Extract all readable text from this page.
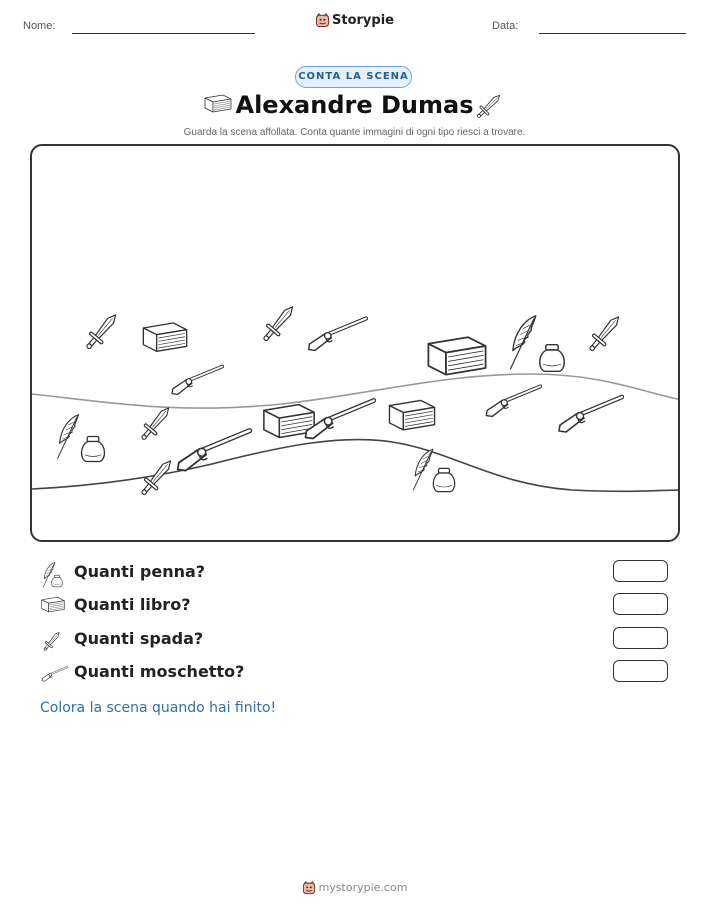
Nome:	Storypie	Data:
CONTA LA SCENA
Alexandre Dumas
Guarda la scena affollata. Conta quante immagini di ogni tipo riesci a trovare.
Quanti penna?
Quanti libro?
Quanti spada?
Quanti moschetto?
Colora la scena quando hai finito!
mystorypie.com
